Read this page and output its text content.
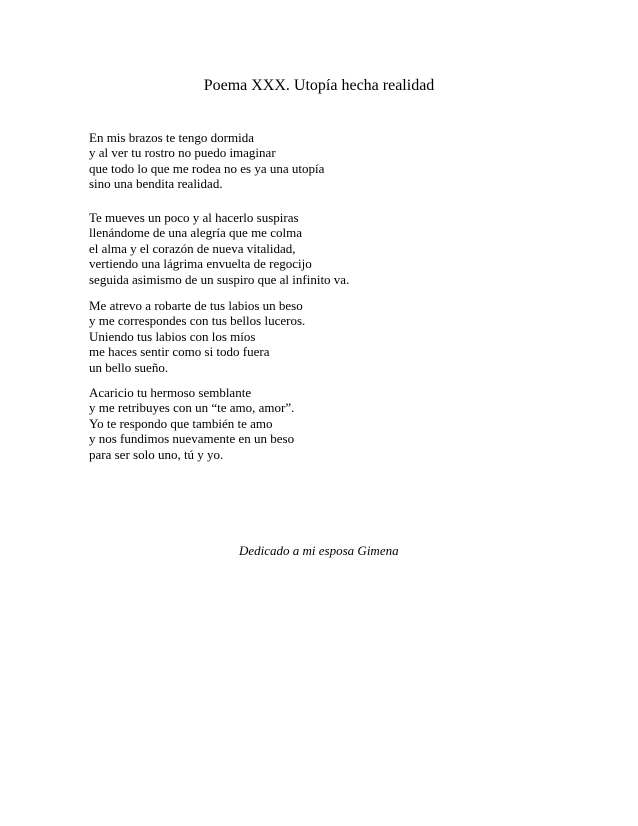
Poema XXX. Utopía hecha realidad
En mis brazos te tengo dormida
y al ver tu rostro no puedo imaginar
que todo lo que me rodea no es ya una utopía
sino una bendita realidad.
Te mueves un poco y al hacerlo suspiras
llenándome de una alegría que me colma
el alma y el corazón de nueva vitalidad,
vertiendo una lágrima envuelta de regocijo
seguida asimismo de un suspiro que al infinito va.
Me atrevo a robarte de tus labios un beso
y me correspondes con tus bellos luceros.
Uniendo tus labios con los míos
me haces sentir como si todo fuera
un bello sueño.
Acaricio tu hermoso semblante
y me retribuyes con un “te amo, amor”.
Yo te respondo que también te amo
y nos fundimos nuevamente en un beso
para ser solo uno, tú y yo.
Dedicado a mi esposa Gimena
